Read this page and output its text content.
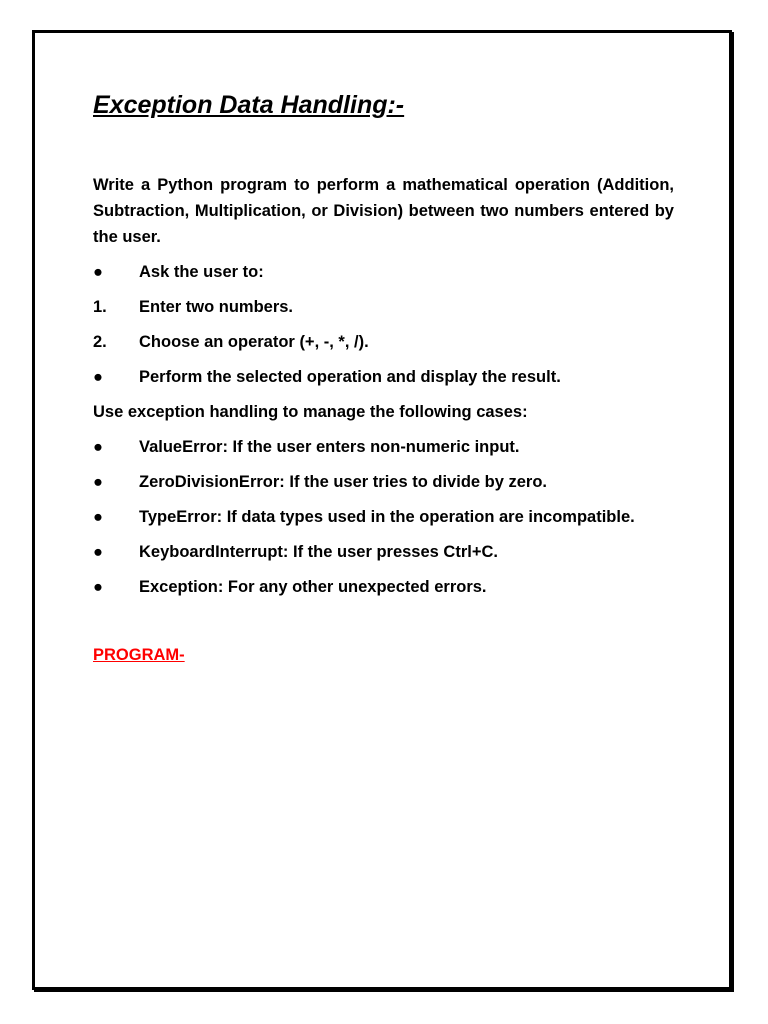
Exception Data Handling:-
Write a Python program to perform a mathematical operation (Addition, Subtraction, Multiplication, or Division) between two numbers entered by the user.
● Ask the user to:
1. Enter two numbers.
2. Choose an operator (+, -, *, /).
● Perform the selected operation and display the result.
Use exception handling to manage the following cases:
● ValueError: If the user enters non-numeric input.
● ZeroDivisionError: If the user tries to divide by zero.
● TypeError: If data types used in the operation are incompatible.
● KeyboardInterrupt: If the user presses Ctrl+C.
● Exception: For any other unexpected errors.
PROGRAM-
